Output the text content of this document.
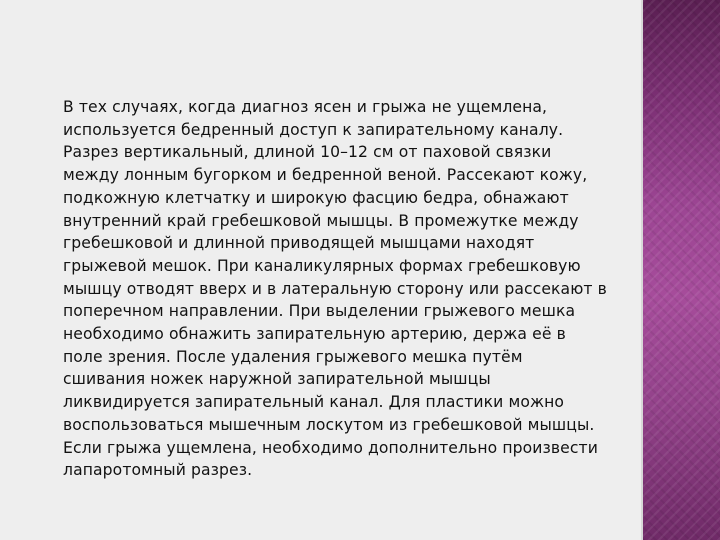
В тех случаях, когда диагноз ясен и грыжа не ущемлена,
используется бедренный доступ к запирательному каналу.
Разрез вертикальный, длиной 10–12 см от паховой связки
между лонным бугорком и бедренной веной. Рассекают кожу,
подкожную клетчатку и широкую фасцию бедра, обнажают
внутренний край гребешковой мышцы. В промежутке между
гребешковой и длинной приводящей мышцами находят
грыжевой мешок. При каналикулярных формах гребешковую
мышцу отводят вверх и в латеральную сторону или рассекают в
поперечном направлении. При выделении грыжевого мешка
необходимо обнажить запирательную артерию, держа её в
поле зрения. После удаления грыжевого мешка путём
сшивания ножек наружной запирательной мышцы
ликвидируется запирательный канал. Для пластики можно
воспользоваться мышечным лоскутом из гребешковой мышцы.
Если грыжа ущемлена, необходимо дополнительно произвести
лапаротомный разрез.
